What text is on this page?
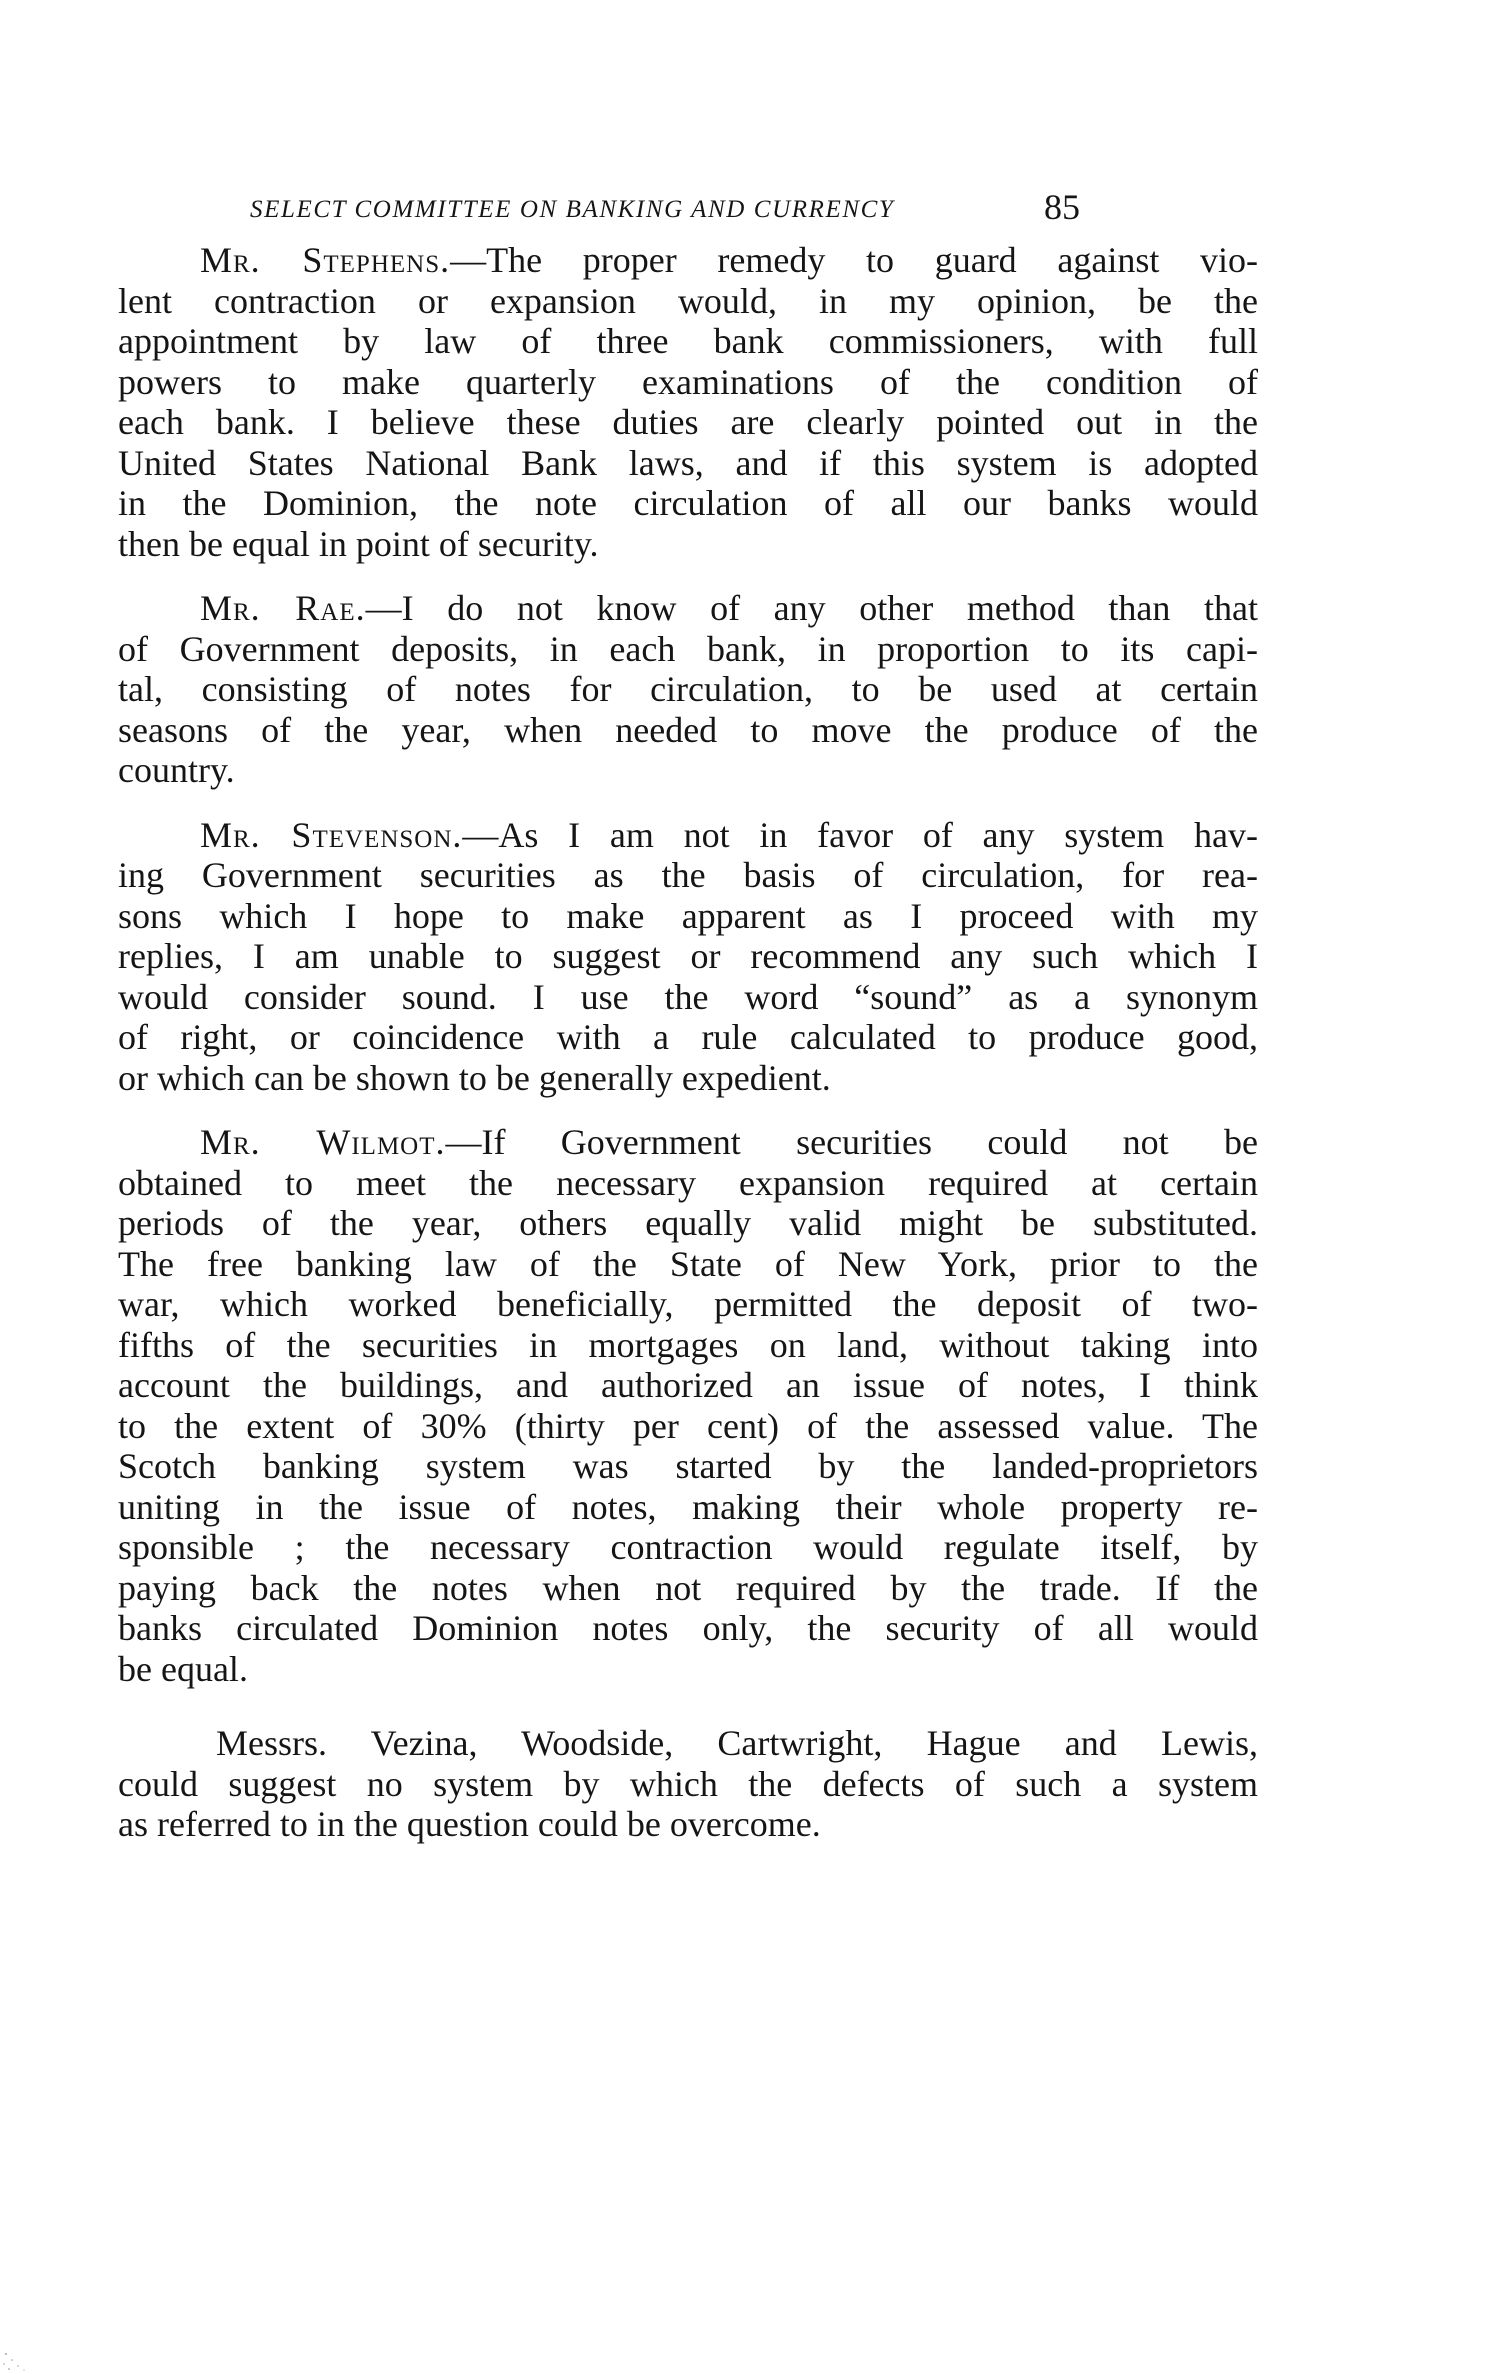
SELECT COMMITTEE ON BANKING AND CURRENCY	85

Mr. Stephens.—The proper remedy to guard against vio-
lent contraction or expansion would, in my opinion, be the
appointment by law of three bank commissioners, with full
powers to make quarterly examinations of the condition of
each bank. I believe these duties are clearly pointed out in the
United States National Bank laws, and if this system is adopted
in the Dominion, the note circulation of all our banks would
then be equal in point of security.

Mr. Rae.—I do not know of any other method than that
of Government deposits, in each bank, in proportion to its capi-
tal, consisting of notes for circulation, to be used at certain
seasons of the year, when needed to move the produce of the
country.

Mr. Stevenson.—As I am not in favor of any system hav-
ing Government securities as the basis of circulation, for rea-
sons which I hope to make apparent as I proceed with my
replies, I am unable to suggest or recommend any such which I
would consider sound. I use the word “sound” as a synonym
of right, or coincidence with a rule calculated to produce good,
or which can be shown to be generally expedient.

Mr. Wilmot.—If Government securities could not be
obtained to meet the necessary expansion required at certain
periods of the year, others equally valid might be substituted.
The free banking law of the State of New York, prior to the
war, which worked beneficially, permitted the deposit of two-
fifths of the securities in mortgages on land, without taking into
account the buildings, and authorized an issue of notes, I think
to the extent of 30% (thirty per cent) of the assessed value. The
Scotch banking system was started by the landed-proprietors
uniting in the issue of notes, making their whole property re-
sponsible ; the necessary contraction would regulate itself, by
paying back the notes when not required by the trade. If the
banks circulated Dominion notes only, the security of all would
be equal.

Messrs. Vezina, Woodside, Cartwright, Hague and Lewis,
could suggest no system by which the defects of such a system
as referred to in the question could be overcome.
